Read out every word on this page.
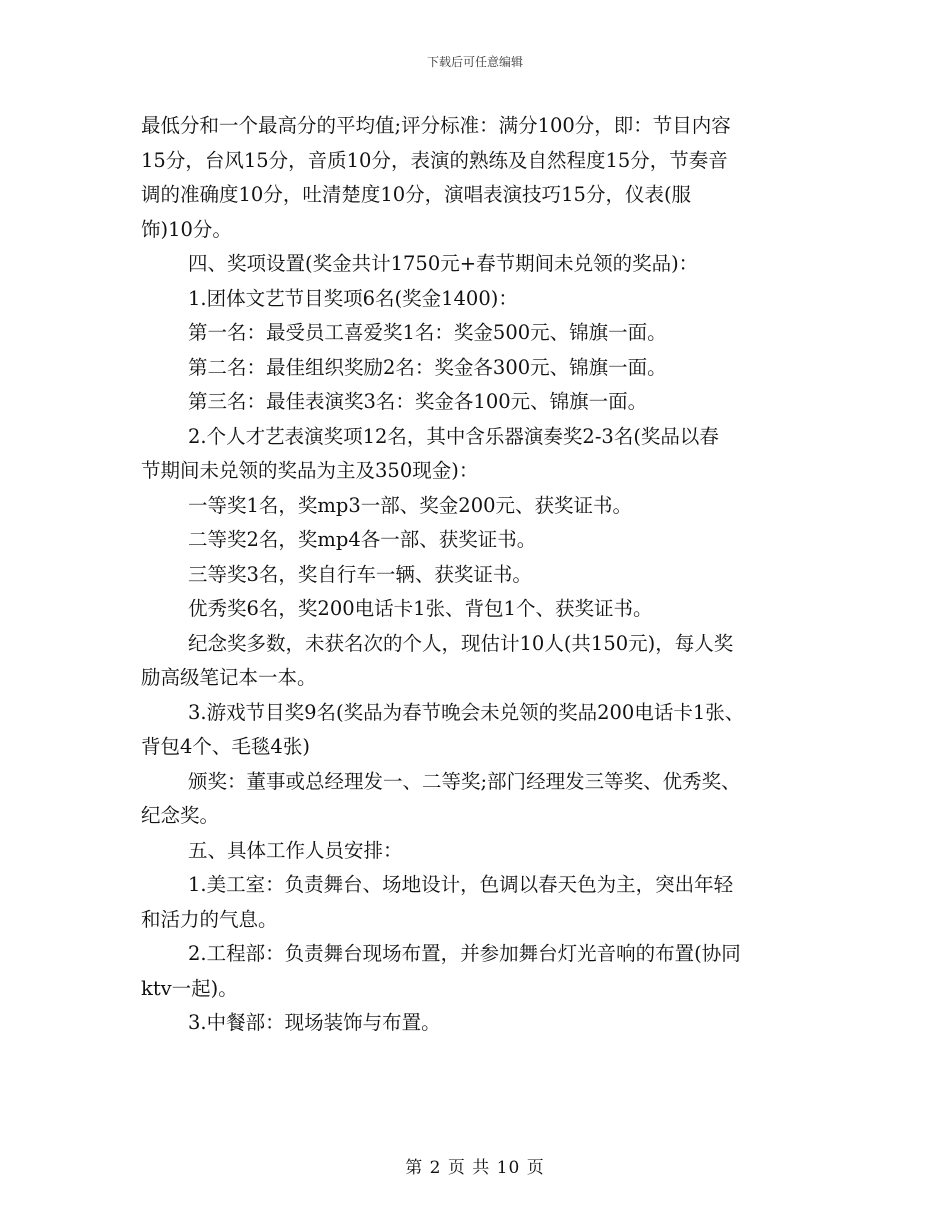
下载后可任意编辑

最低分和一个最高分的平均值;评分标准：满分100分，即：节目内容

15分，台风15分，音质10分，表演的熟练及自然程度15分，节奏音

调的准确度10分，吐清楚度10分，演唱表演技巧15分，仪表(服

饰)10分。

四、奖项设置(奖金共计1750元+春节期间未兑领的奖品)：

1.团体文艺节目奖项6名(奖金1400)：

第一名：最受员工喜爱奖1名：奖金500元、锦旗一面。

第二名：最佳组织奖励2名：奖金各300元、锦旗一面。

第三名：最佳表演奖3名：奖金各100元、锦旗一面。

2.个人才艺表演奖项12名，其中含乐器演奏奖2-3名(奖品以春

节期间未兑领的奖品为主及350现金)：

一等奖1名，奖mp3一部、奖金200元、获奖证书。

二等奖2名，奖mp4各一部、获奖证书。

三等奖3名，奖自行车一辆、获奖证书。

优秀奖6名，奖200电话卡1张、背包1个、获奖证书。

纪念奖多数，未获名次的个人，现估计10人(共150元)，每人奖

励高级笔记本一本。

3.游戏节目奖9名(奖品为春节晚会未兑领的奖品200电话卡1张、

背包4个、毛毯4张)

颁奖：董事或总经理发一、二等奖;部门经理发三等奖、优秀奖、

纪念奖。

五、具体工作人员安排：

1.美工室：负责舞台、场地设计，色调以春天色为主，突出年轻

和活力的气息。

2.工程部：负责舞台现场布置，并参加舞台灯光音响的布置(协同

ktv一起)。

3.中餐部：现场装饰与布置。

第 2 页 共 10 页
